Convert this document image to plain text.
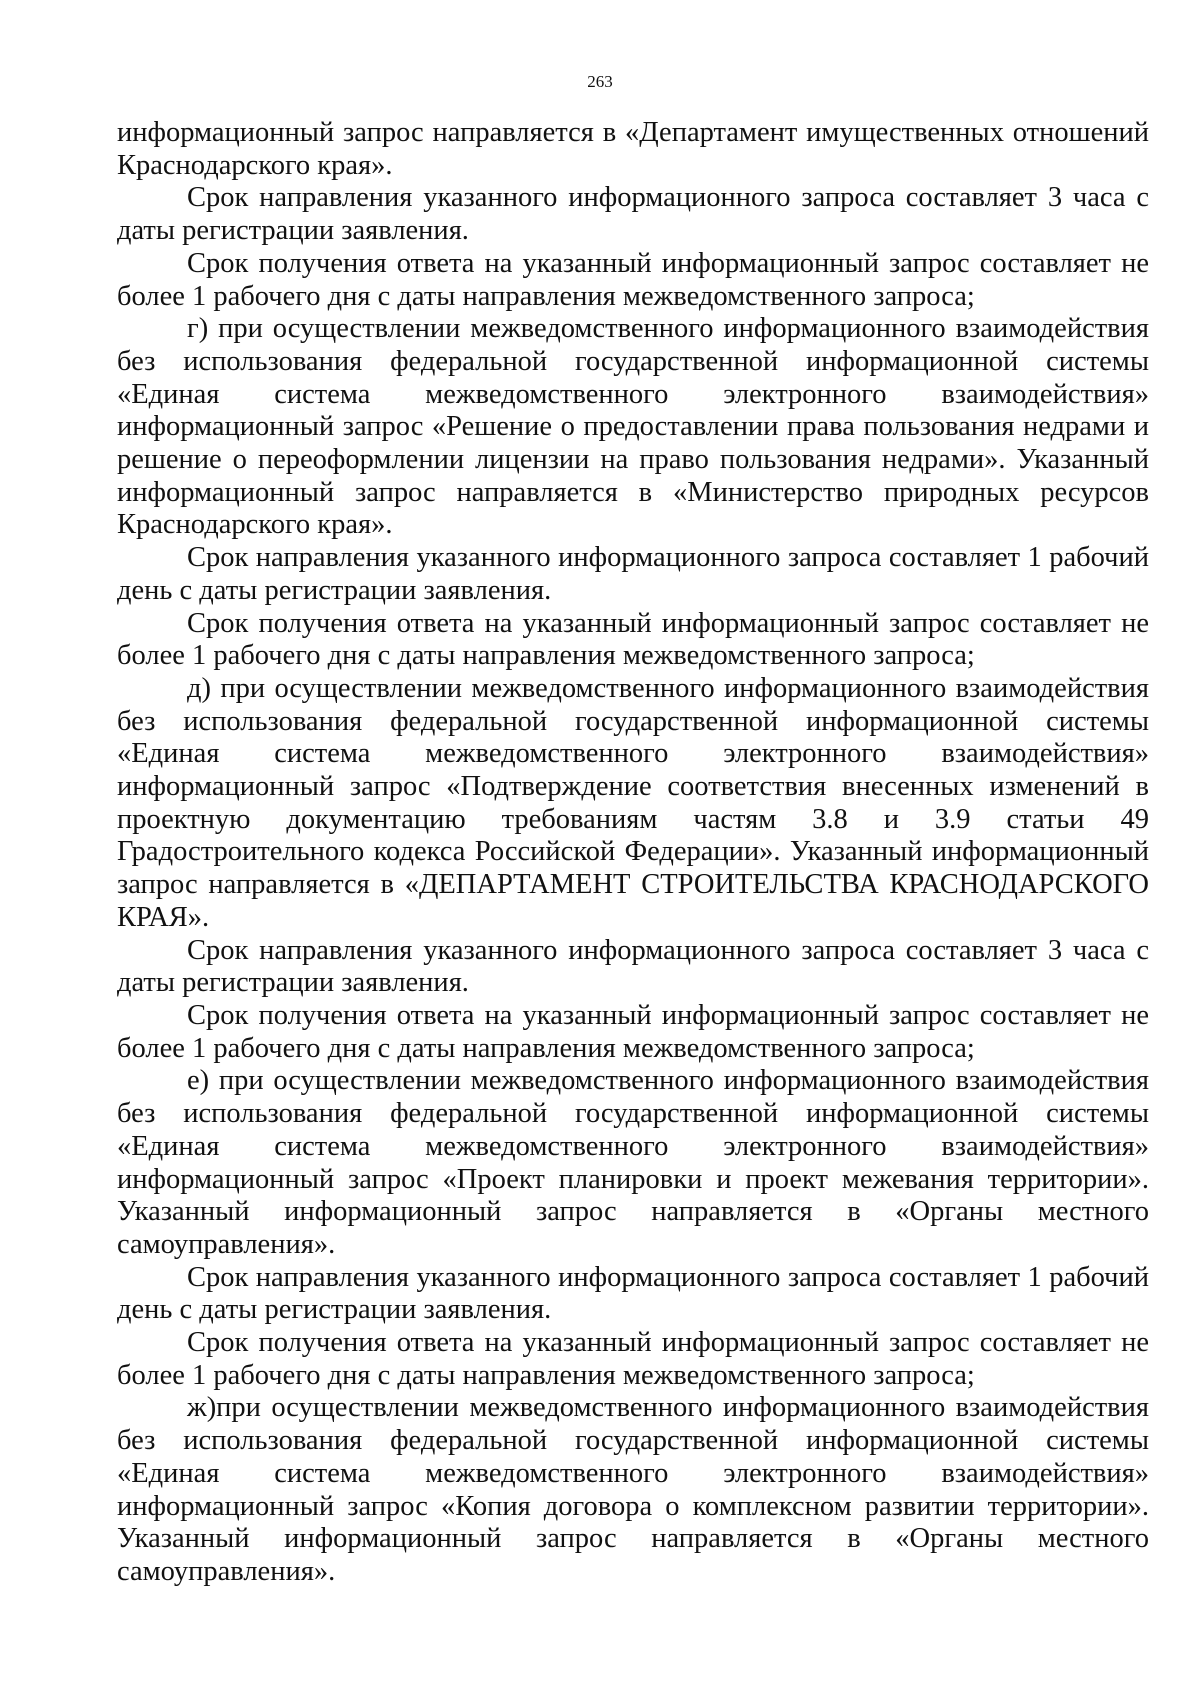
263

информационный запрос направляется в «Департамент имущественных отношений Краснодарского края».

Срок направления указанного информационного запроса составляет 3 часа с даты регистрации заявления.

Срок получения ответа на указанный информационный запрос составляет не более 1 рабочего дня с даты направления межведомственного запроса;

г) при осуществлении межведомственного информационного взаимодействия без использования федеральной государственной информационной системы «Единая система межведомственного электронного взаимодействия» информационный запрос «Решение о предоставлении права пользования недрами и решение о переоформлении лицензии на право пользования недрами». Указанный информационный запрос направляется в «Министерство природных ресурсов Краснодарского края».

Срок направления указанного информационного запроса составляет 1 рабочий день с даты регистрации заявления.

Срок получения ответа на указанный информационный запрос составляет не более 1 рабочего дня с даты направления межведомственного запроса;

д) при осуществлении межведомственного информационного взаимодействия без использования федеральной государственной информационной системы «Единая система межведомственного электронного взаимодействия» информационный запрос «Подтверждение соответствия внесенных изменений в проектную документацию требованиям частям 3.8 и 3.9 статьи 49 Градостроительного кодекса Российской Федерации». Указанный информационный запрос направляется в «ДЕПАРТАМЕНТ СТРОИТЕЛЬСТВА КРАСНОДАРСКОГО КРАЯ».

Срок направления указанного информационного запроса составляет 3 часа с даты регистрации заявления.

Срок получения ответа на указанный информационный запрос составляет не более 1 рабочего дня с даты направления межведомственного запроса;

е) при осуществлении межведомственного информационного взаимодействия без использования федеральной государственной информационной системы «Единая система межведомственного электронного взаимодействия» информационный запрос «Проект планировки и проект межевания территории». Указанный информационный запрос направляется в «Органы местного самоуправления».

Срок направления указанного информационного запроса составляет 1 рабочий день с даты регистрации заявления.

Срок получения ответа на указанный информационный запрос составляет не более 1 рабочего дня с даты направления межведомственного запроса;

ж)при осуществлении межведомственного информационного взаимодействия без использования федеральной государственной информационной системы «Единая система межведомственного электронного взаимодействия» информационный запрос «Копия договора о комплексном развитии территории». Указанный информационный запрос направляется в «Органы местного самоуправления».
